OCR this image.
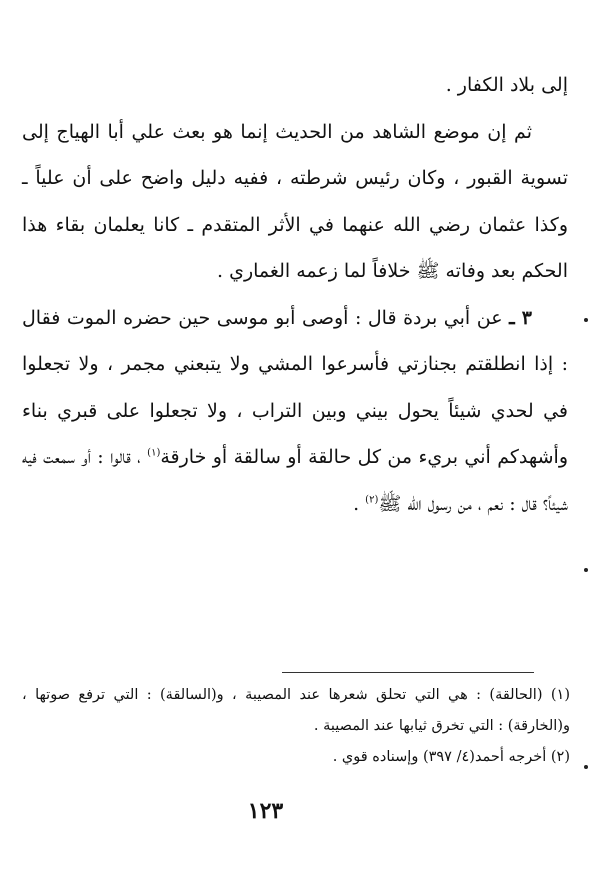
إلى بلاد الكفار .

ثم إن موضع الشاهد من الحديث إنما هو بعث علي أبا الهياج إلى تسوية القبور ، وكان رئيس شرطته ، ففيه دليل واضح على أن علياً ـ وكذا عثمان رضي الله عنهما في الأثر المتقدم ـ كانا يعلمان بقاء هذا الحكم بعد وفاته ﷺ خلافاً لما زعمه الغماري .

٣ ـ عن أبي بردة قال : أوصى أبو موسى حين حضره الموت فقال : إذا انطلقتم بجنازتي فأسرعوا المشي ولا يتبعني مجمر ، ولا تجعلوا في لحدي شيئاً يحول بيني وبين التراب ، ولا تجعلوا على قبري بناء وأشهدكم أني بريء من كل حالقة أو سالقة أو خارقة$^{(١)}$ ، قالوا : أو سمعت فيه شيئاً؟ قال : نعم ، من رسول الله ﷺ$^{(٢)}$ .

(١) (الحالقة) : هي التي تحلق شعرها عند المصيبة ، و(السالقة) : التي ترفع صوتها ، و(الخارقة) : التي تخرق ثيابها عند المصيبة .

(٢) أخرجه أحمد(٤/ ٣٩٧) وإسناده قوي .

١٢٣
